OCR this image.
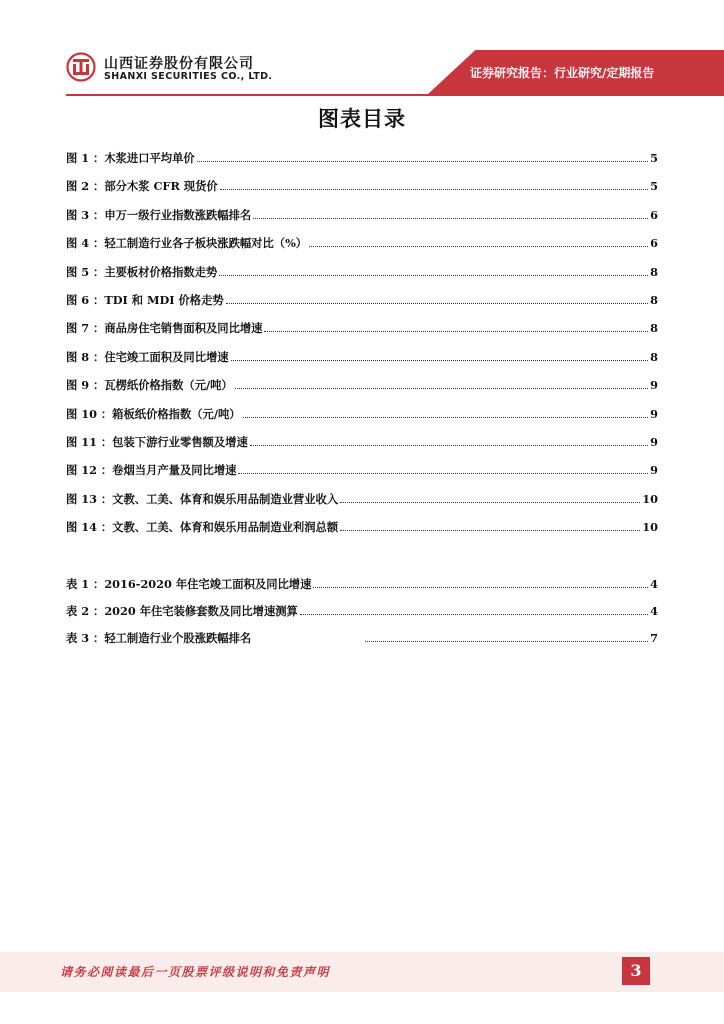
山西证券股份有限公司
SHANXI SECURITIES CO., LTD.	证券研究报告：行业研究/定期报告
图表目录
图 1 ：木浆进口平均单价	5
图 2 ：部分木浆 CFR 现货价	5
图 3 ：申万一级行业指数涨跌幅排名	6
图 4 ：轻工制造行业各子板块涨跌幅对比（%）	6
图 5 ：主要板材价格指数走势	8
图 6 ：TDI 和 MDI 价格走势	8
图 7 ：商品房住宅销售面积及同比增速	8
图 8 ：住宅竣工面积及同比增速	8
图 9 ：瓦楞纸价格指数（元/吨）	9
图 10 ：箱板纸价格指数（元/吨）	9
图 11 ：包装下游行业零售额及增速	9
图 12 ：卷烟当月产量及同比增速	9
图 13 ：文教、工美、体育和娱乐用品制造业营业收入	10
图 14 ：文教、工美、体育和娱乐用品制造业利润总额	10
表 1 ：2016-2020 年住宅竣工面积及同比增速	4
表 2 ：2020 年住宅装修套数及同比增速测算	4
表 3 ：轻工制造行业个股涨跌幅排名	7
请务必阅读最后一页股票评级说明和免责声明	3
